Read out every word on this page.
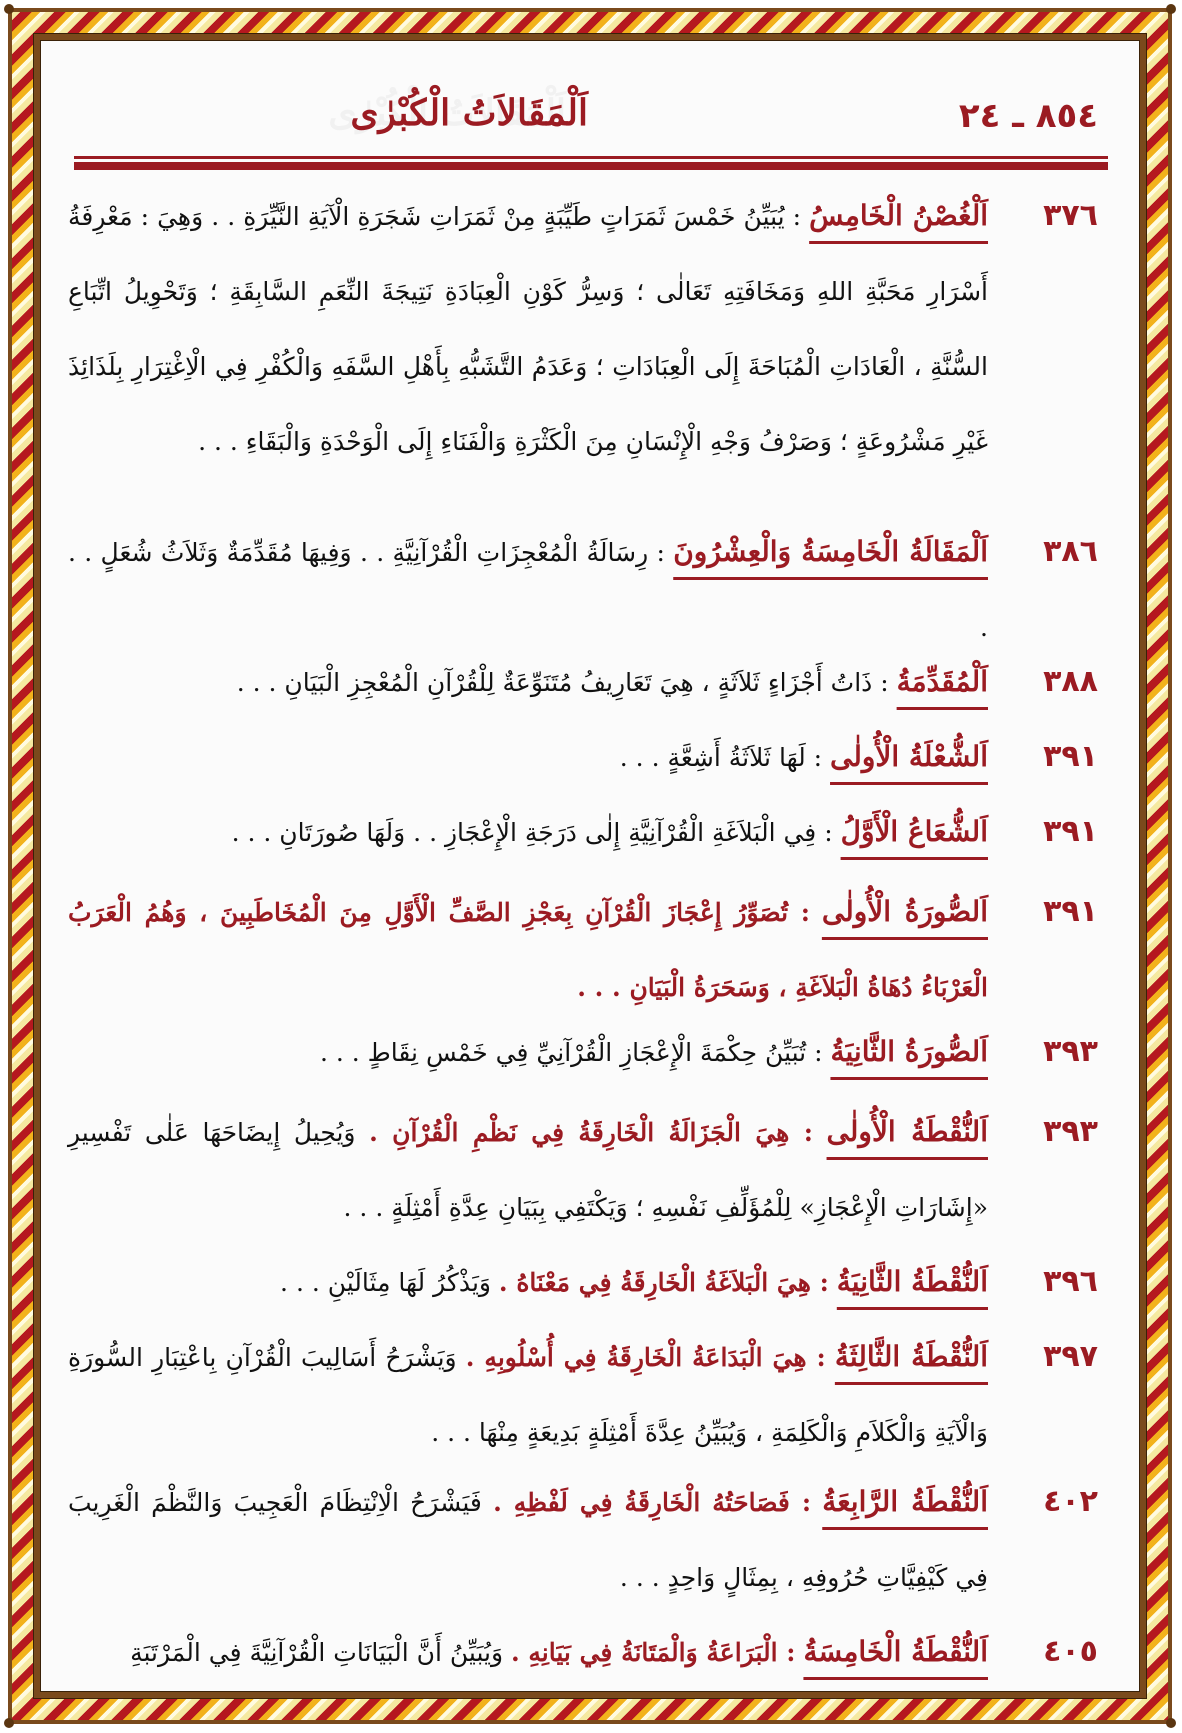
٨٥٤ ـ ٢٤
اَلْمَقَالاَتُ الْكُبْرٰى
٣٧٦
اَلْغُصْنُ الْخَامِسُ : يُبَيِّنُ خَمْسَ ثَمَرَاتٍ طَيِّبَةٍ مِنْ ثَمَرَاتِ شَجَرَةِ الْآيَةِ النَّيِّرَةِ . . وَهِيَ : مَعْرِفَةُ أَسْرَارِ مَحَبَّةِ اللهِ وَمَخَافَتِهِ تَعَالٰى ؛ وَسِرُّ كَوْنِ الْعِبَادَةِ نَتِيجَةَ النِّعَمِ السَّابِقَةِ ؛ وَتَحْوِيلُ اتِّبَاعِ السُّنَّةِ ، الْعَادَاتِ الْمُبَاحَةَ إِلَى الْعِبَادَاتِ ؛ وَعَدَمُ التَّشَبُّهِ بِأَهْلِ السَّفَهِ وَالْكُفْرِ فِي الْاِغْتِرَارِ بِلَذَائِذَ غَيْرِ مَشْرُوعَةٍ ؛ وَصَرْفُ وَجْهِ الْإِنْسَانِ مِنَ الْكَثْرَةِ وَالْفَنَاءِ إِلَى الْوَحْدَةِ وَالْبَقَاءِ . . .
٣٨٦
اَلْمَقَالَةُ الْخَامِسَةُ وَالْعِشْرُونَ : رِسَالَةُ الْمُعْجِزَاتِ الْقُرْآنِيَّةِ . . وَفِيهَا مُقَدِّمَةٌ وَثَلاَثُ شُعَلٍ . . .
٣٨٨
اَلْمُقَدِّمَةُ : ذَاتُ أَجْزَاءٍ ثَلاَثَةٍ ، هِيَ تَعَارِيفُ مُتَنَوِّعَةٌ لِلْقُرْآنِ الْمُعْجِزِ الْبَيَانِ . . .
٣٩١
اَلشُّعْلَةُ الْأُولٰى : لَهَا ثَلاَثَةُ أَشِعَّةٍ . . .
٣٩١
اَلشُّعَاعُ الْأَوَّلُ : فِي الْبَلاَغَةِ الْقُرْآنِيَّةِ إِلٰى دَرَجَةِ الْإِعْجَازِ . . وَلَهَا صُورَتَانِ . . .
٣٩١
اَلصُّورَةُ الْأُولٰى : تُصَوِّرُ إِعْجَازَ الْقُرْآنِ بِعَجْزِ الصَّفِّ الْأَوَّلِ مِنَ الْمُخَاطَبِينَ ، وَهُمُ الْعَرَبُ الْعَرْبَاءُ دُهَاةُ الْبَلاَغَةِ ، وَسَحَرَةُ الْبَيَانِ . . .
٣٩٣
اَلصُّورَةُ الثَّانِيَةُ : تُبَيِّنُ حِكْمَةَ الْإِعْجَازِ الْقُرْآنِيِّ فِي خَمْسِ نِقَاطٍ . . .
٣٩٣
اَلنُّقْطَةُ الْأُولٰى : هِيَ الْجَزَالَةُ الْخَارِقَةُ فِي نَظْمِ الْقُرْآنِ . وَيُحِيلُ إِيضَاحَهَا عَلٰى تَفْسِيرِ «إِشَارَاتِ الْإِعْجَازِ» لِلْمُؤَلِّفِ نَفْسِهِ ؛ وَيَكْتَفِي بِبَيَانِ عِدَّةِ أَمْثِلَةٍ . . .
٣٩٦
اَلنُّقْطَةُ الثَّانِيَةُ : هِيَ الْبَلاَغَةُ الْخَارِقَةُ فِي مَعْنَاهُ . وَيَذْكُرُ لَهَا مِثَالَيْنِ . . .
٣٩٧
اَلنُّقْطَةُ الثَّالِثَةُ : هِيَ الْبَدَاعَةُ الْخَارِقَةُ فِي أُسْلُوبِهِ . وَيَشْرَحُ أَسَالِيبَ الْقُرْآنِ بِاعْتِبَارِ السُّورَةِ وَالْآيَةِ وَالْكَلاَمِ وَالْكَلِمَةِ ، وَيُبَيِّنُ عِدَّةَ أَمْثِلَةٍ بَدِيعَةٍ مِنْهَا . . .
٤٠٢
اَلنُّقْطَةُ الرَّابِعَةُ : فَصَاحَتُهُ الْخَارِقَةُ فِي لَفْظِهِ . فَيَشْرَحُ الْاِنْتِظَامَ الْعَجِيبَ وَالنَّظْمَ الْغَرِيبَ فِي كَيْفِيَّاتِ حُرُوفِهِ ، بِمِثَالٍ وَاحِدٍ . . .
٤٠٥
اَلنُّقْطَةُ الْخَامِسَةُ : الْبَرَاعَةُ وَالْمَتَانَةُ فِي بَيَانِهِ . وَيُبَيِّنُ أَنَّ الْبَيَانَاتِ الْقُرْآنِيَّةَ فِي الْمَرْتَبَةِ
